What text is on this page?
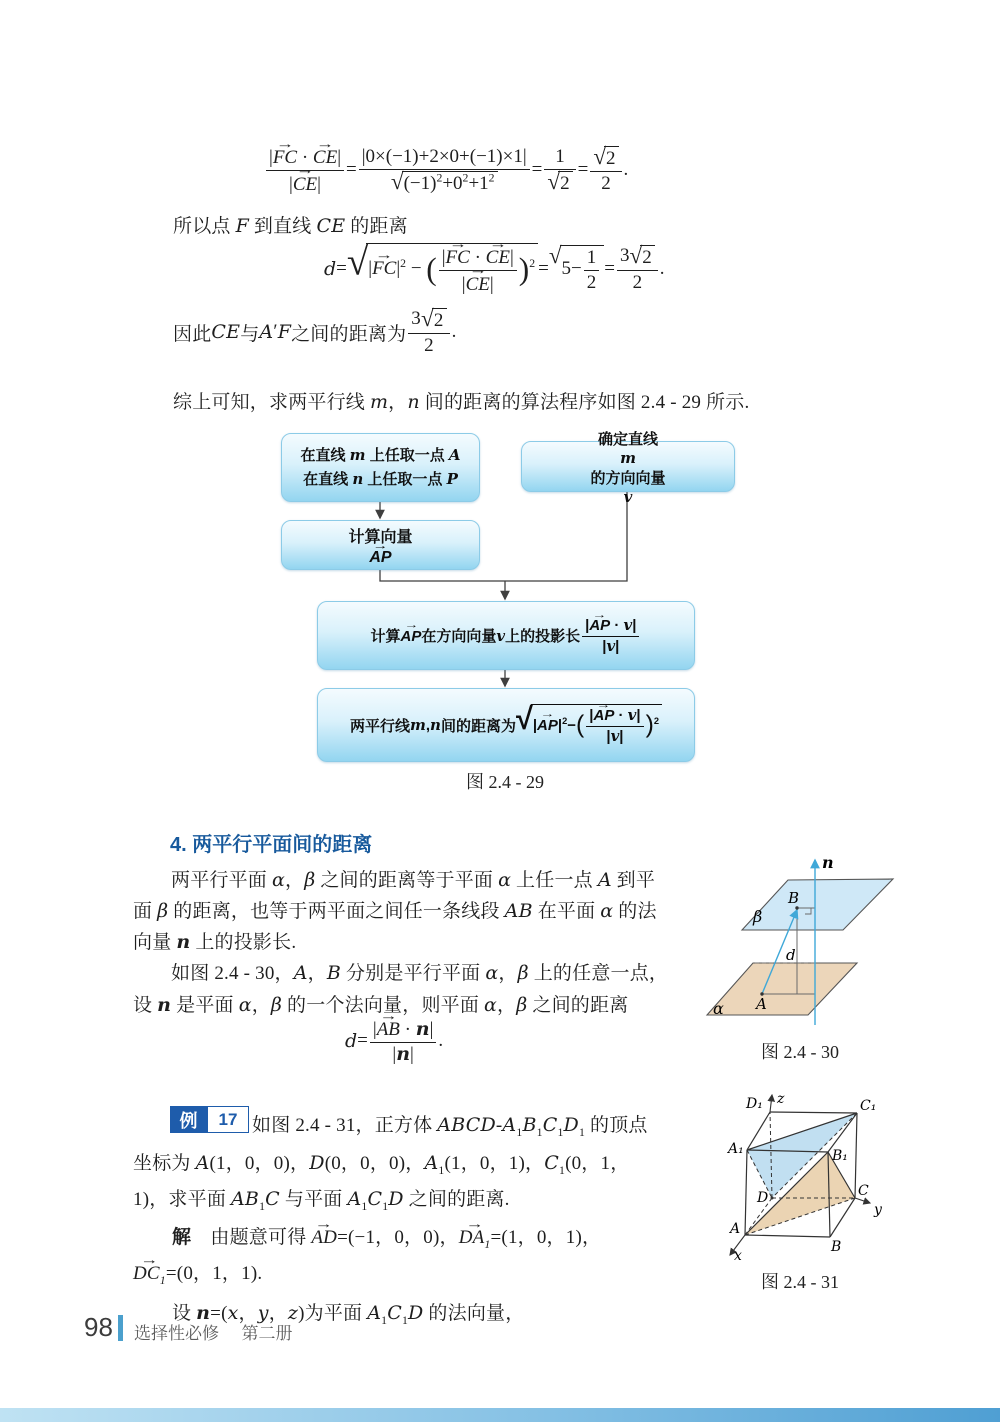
$\frac{|FC \to \cdot CE \to|}{|CE \to|} = \frac{|0\times(-1)+2\times 0+(-1)\times 1|}{√ (-1)^2+0^2+1^2} = \frac{1}{√ 2} = \frac{√ 2}{2}$ .
所以点 F 到直线 CE 的距离
d = √ $|FC \to|^2$ − ( $\frac{|FC \to \cdot CE \to|}{|CE \to|} )^2$ = √ $5- \frac{1}{2} = \frac{3 √ 2}{2}$ .
因此 CE 与 A ′ F 之间的距离为 $\frac{3 √ 2}{2}$ .
综上可知，求两平行线 m，n 间的距离的算法程序如图 2.4 - 29 所示.
在直线 m 上任取一点 A
在直线 n 上任取一点 P
确定直线
m
的方向向量
v
计算向量
AP →
计算 AP → 在方向向量 v 上的投影长 $\frac{|AP \to \cdot v|}{|v|}$
两平行线 m , n 间的距离为 √ $|AP \to|^2-( \frac{|AP \to \cdot v|}{|v|} )^2$
图 2.4 - 29
4. 两平行平面间的距离
两平行平面 α，β 之间的距离等于平面 α 上任一点 A 到平
面 β 的距离，也等于两平面之间任一条线段 AB 在平面 α 的法
向量 n 上的投影长.
如图 2.4 - 30，A，B 分别是平行平面 α，β 上的任意一点，
设 n 是平面 α，β 的一个法向量，则平面 α，β 之间的距离
$d = \frac{|AB \to \cdot n|}{|n|}$ .
n
β
B
d
α A
图 2.4 - 30
例	17 如图 2.4 - 31，正方体 ABCD-$A_1B_1C_1D_1$ 的顶点
坐标为 A(1，0，0)，D(0，0，0)，$A_1(1$，0，1)，$C_1(0$，1，
1)，求平面 $AB_1C$ 与平面 $A_1C_1D$ 之间的距离.
解　由题意可得 AD →=(−1，0，0)，$DA_1 \to=(1$，0，1)，
$DC_1 \to=(0$，1，1).
设 n=(x，y，z)为平面 $A_1C_1D$ 的法向量，
D₁ z	C₁
A₁	B₁
D	C
y
A
B
x
图 2.4 - 31
98 选择性必修 第二册
